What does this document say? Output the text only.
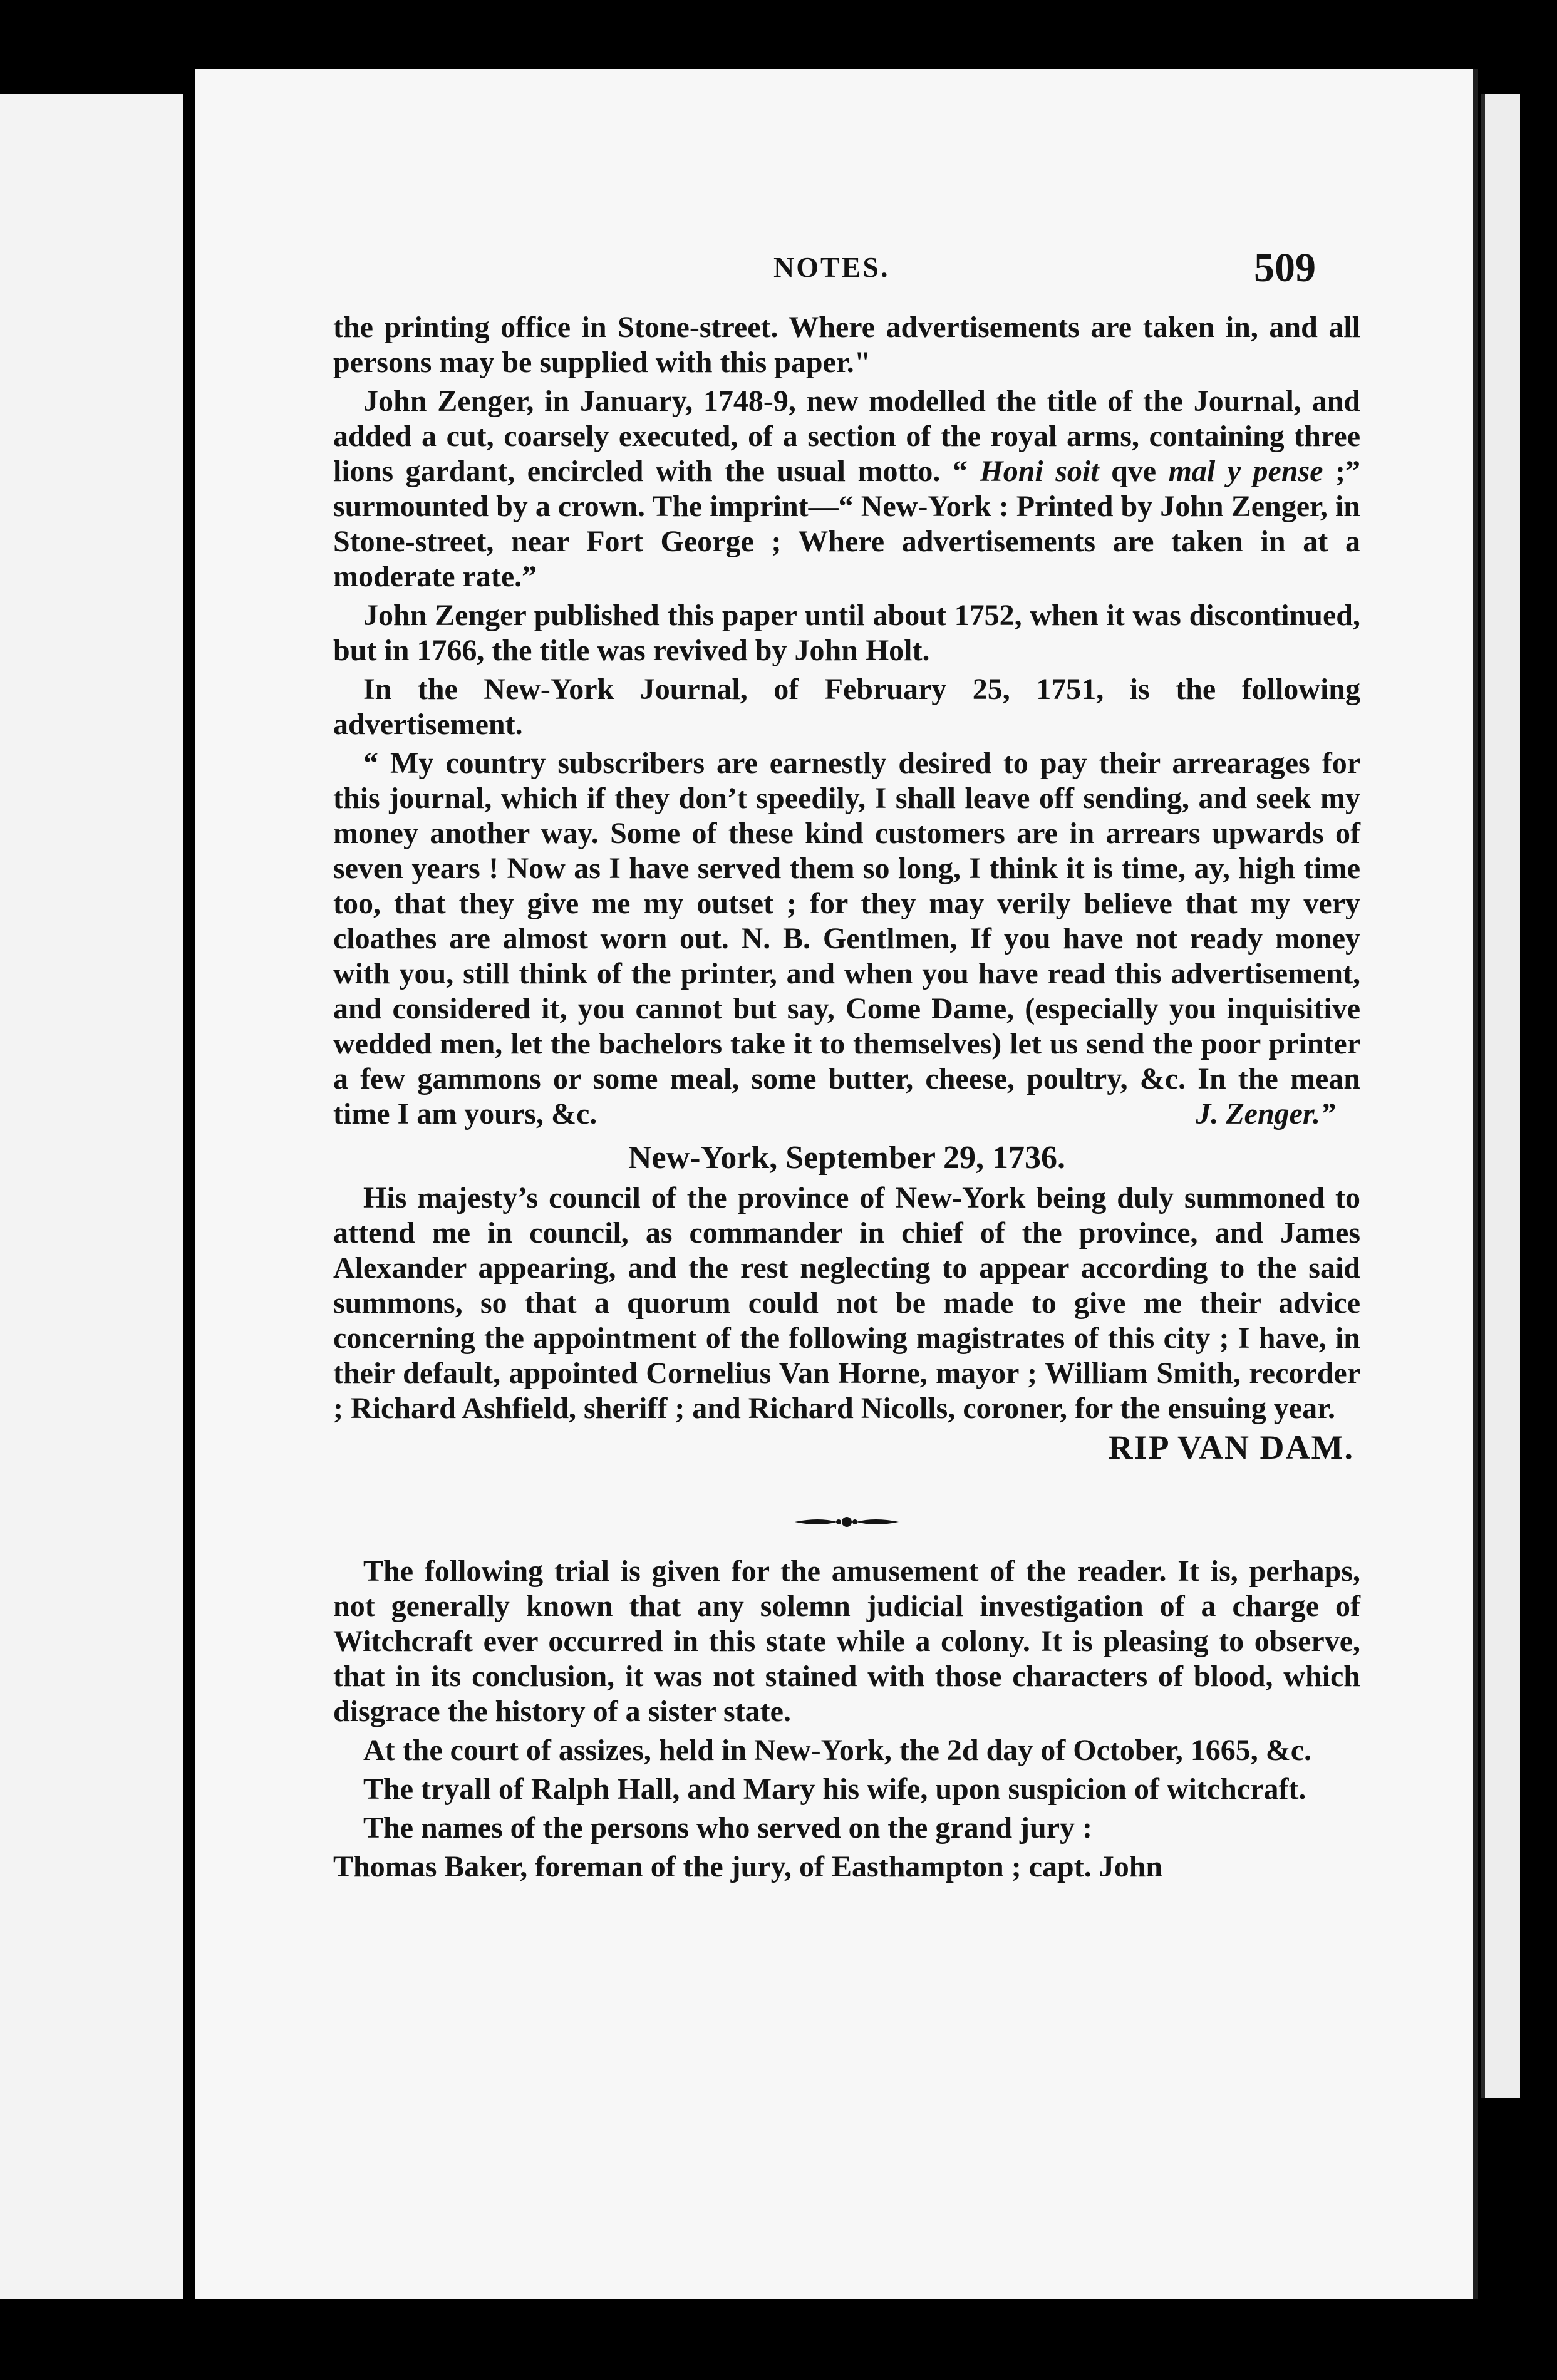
NOTES.	509

the printing office in Stone-street. Where advertisements are taken in, and all persons may be supplied with this paper."

John Zenger, in January, 1748-9, new modelled the title of the Journal, and added a cut, coarsely executed, of a section of the royal arms, containing three lions gardant, encircled with the usual motto. “ Honi soit qve mal y pense ;” surmounted by a crown. The imprint—“ New-York : Printed by John Zenger, in Stone-street, near Fort George ; Where advertisements are taken in at a moderate rate.”

John Zenger published this paper until about 1752, when it was discontinued, but in 1766, the title was revived by John Holt.

In the New-York Journal, of February 25, 1751, is the following advertisement.

“ My country subscribers are earnestly desired to pay their arrearages for this journal, which if they don’t speedily, I shall leave off sending, and seek my money another way. Some of these kind customers are in arrears upwards of seven years ! Now as I have served them so long, I think it is time, ay, high time too, that they give me my outset ; for they may verily believe that my very cloathes are almost worn out. N. B. Gentlmen, If you have not ready money with you, still think of the printer, and when you have read this advertisement, and considered it, you cannot but say, Come Dame, (especially you inquisitive wedded men, let the bachelors take it to themselves) let us send the poor printer a few gammons or some meal, some butter, cheese, poultry, &c. In the mean time I am yours, &c.	J. Zenger.”

New-York, September 29, 1736.

His majesty’s council of the province of New-York being duly summoned to attend me in council, as commander in chief of the province, and James Alexander appearing, and the rest neglecting to appear according to the said summons, so that a quorum could not be made to give me their advice concerning the appointment of the following magistrates of this city ; I have, in their default, appointed Cornelius Van Horne, mayor ; William Smith, recorder ; Richard Ashfield, sheriff ; and Richard Nicolls, coroner, for the ensuing year.

RIP VAN DAM.

The following trial is given for the amusement of the reader. It is, perhaps, not generally known that any solemn judicial investigation of a charge of Witchcraft ever occurred in this state while a colony. It is pleasing to observe, that in its conclusion, it was not stained with those characters of blood, which disgrace the history of a sister state.

At the court of assizes, held in New-York, the 2d day of October, 1665, &c.

The tryall of Ralph Hall, and Mary his wife, upon suspicion of witchcraft.

The names of the persons who served on the grand jury :

Thomas Baker, foreman of the jury, of Easthampton ; capt. John
